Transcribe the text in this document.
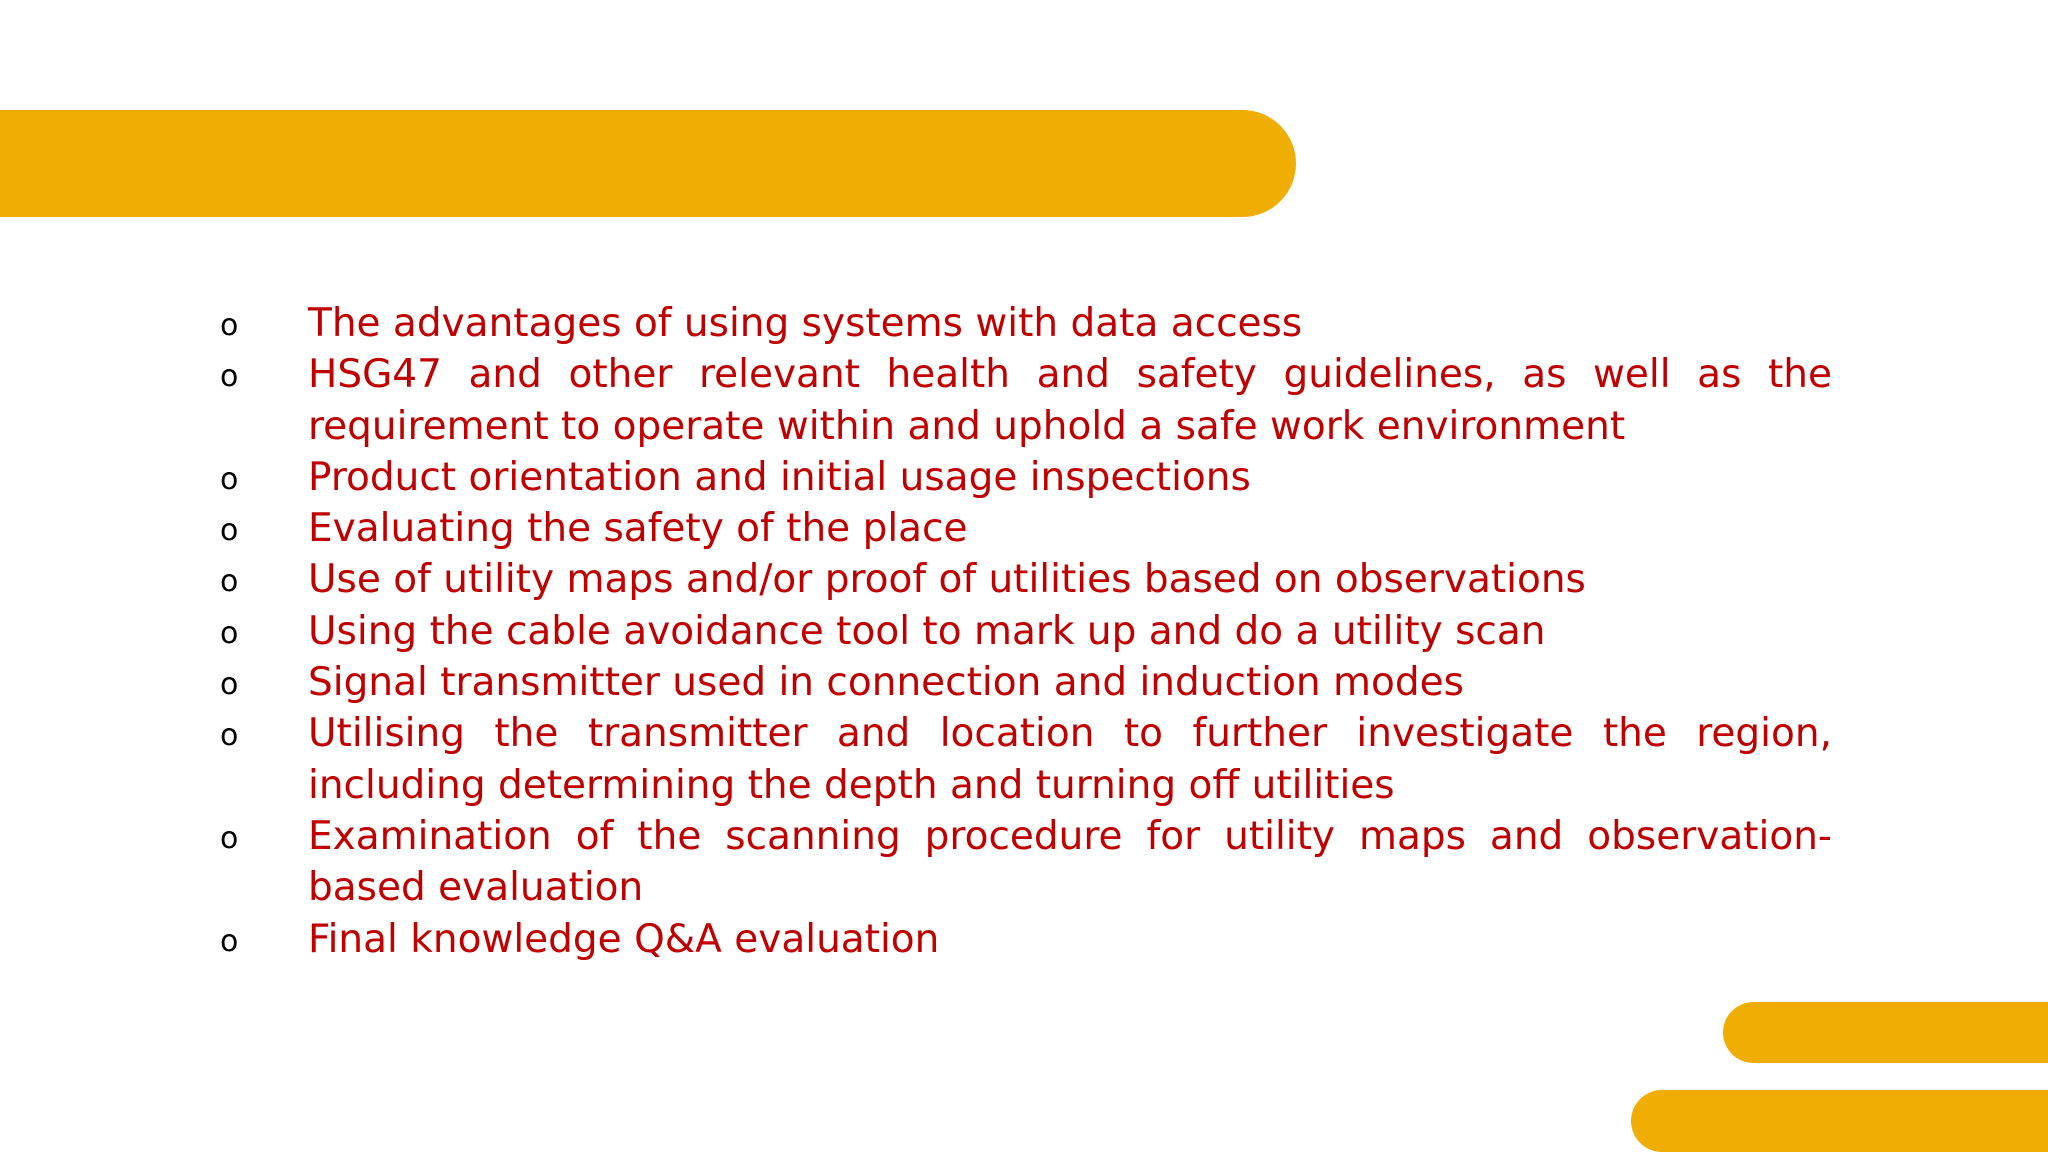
o The advantages of using systems with data access
o HSG47 and other relevant health and safety guidelines, as well as the requirement to operate within and uphold a safe work environment
o Product orientation and initial usage inspections
o Evaluating the safety of the place
o Use of utility maps and/or proof of utilities based on observations
o Using the cable avoidance tool to mark up and do a utility scan
o Signal transmitter used in connection and induction modes
o Utilising the transmitter and location to further investigate the region, including determining the depth and turning off utilities
o Examination of the scanning procedure for utility maps and observation-based evaluation
o Final knowledge Q&A evaluation
